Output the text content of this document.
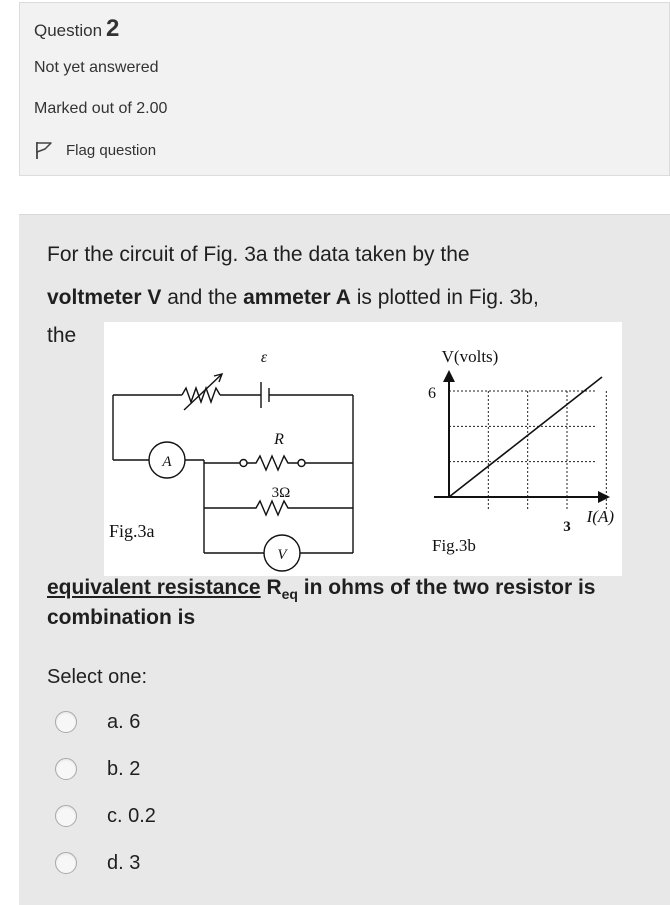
Question 2
Not yet answered
Marked out of 2.00
Flag question
For the circuit of Fig. 3a the data taken by the
voltmeter V and the ammeter A is plotted in Fig. 3b,
the
A
V
ε
R
3Ω
Fig.3a
V(volts)
6
3
I(A)
Fig.3b
equivalent resistance $R_{eq}$ in ohms of the two resistor is
combination is
Select one:
a. 6
b. 2
c. 0.2
d. 3
